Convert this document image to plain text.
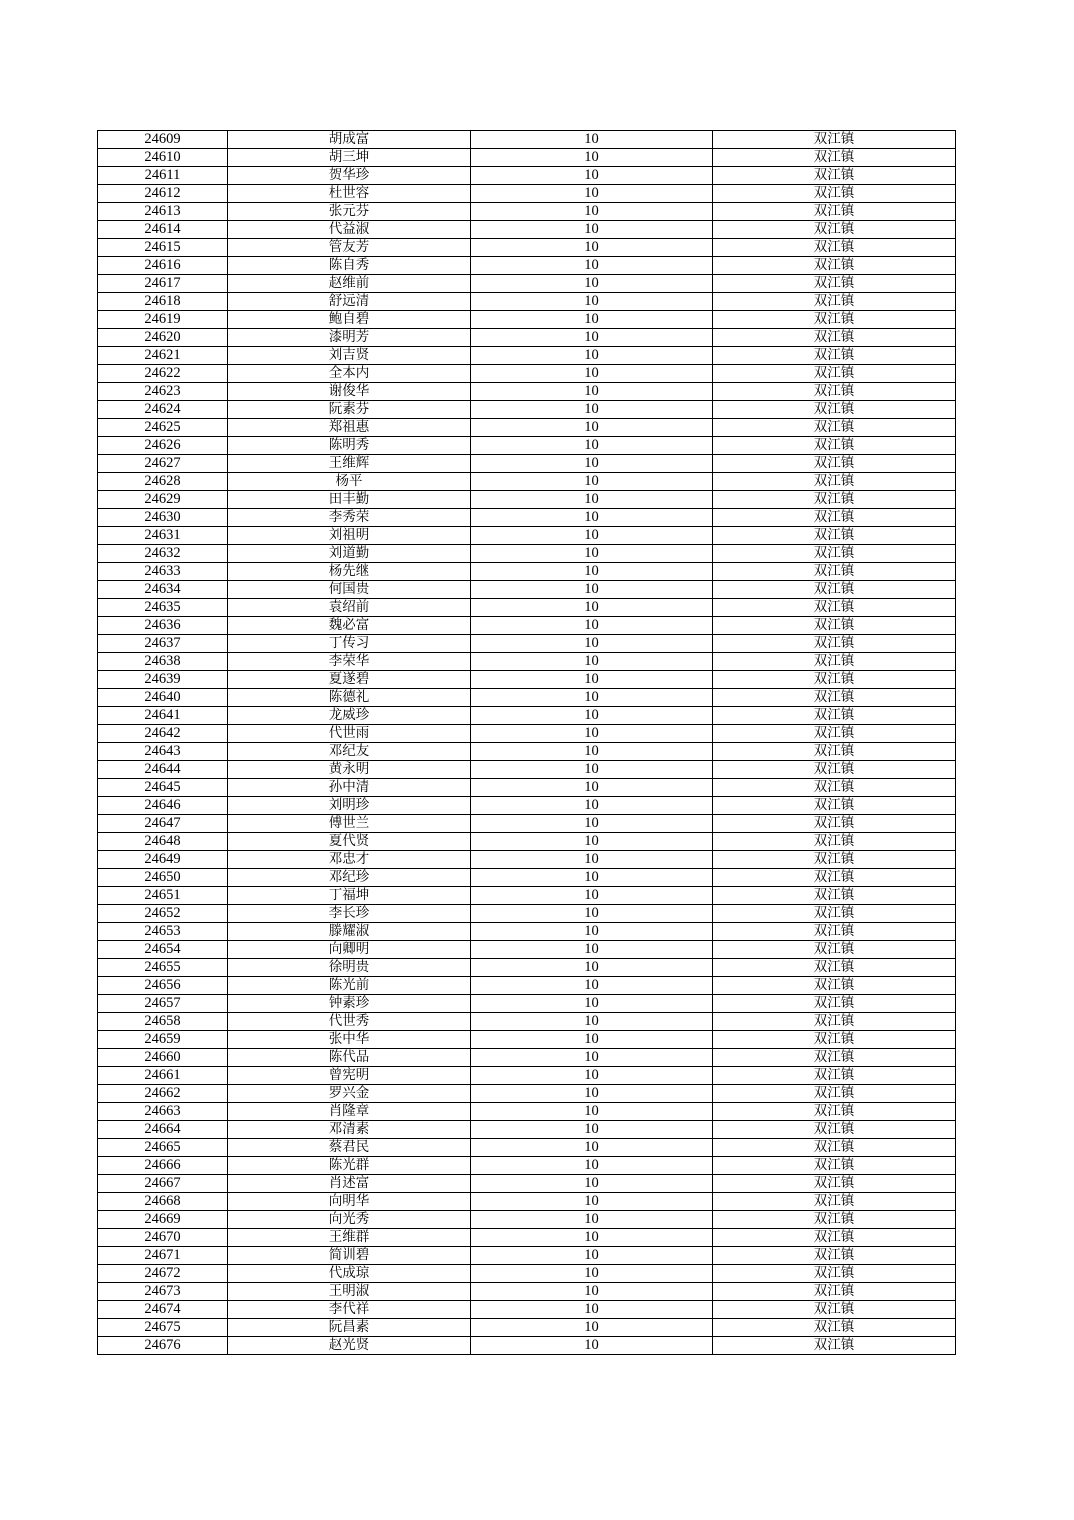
24609	胡成富	10	双江镇
24610	胡三坤	10	双江镇
24611	贺华珍	10	双江镇
24612	杜世容	10	双江镇
24613	张元芬	10	双江镇
24614	代益淑	10	双江镇
24615	管友芳	10	双江镇
24616	陈自秀	10	双江镇
24617	赵维前	10	双江镇
24618	舒远清	10	双江镇
24619	鲍自碧	10	双江镇
24620	漆明芳	10	双江镇
24621	刘吉贤	10	双江镇
24622	全本内	10	双江镇
24623	谢俊华	10	双江镇
24624	阮素芬	10	双江镇
24625	郑祖惠	10	双江镇
24626	陈明秀	10	双江镇
24627	王维辉	10	双江镇
24628	杨平	10	双江镇
24629	田丰勤	10	双江镇
24630	李秀荣	10	双江镇
24631	刘祖明	10	双江镇
24632	刘道勤	10	双江镇
24633	杨先继	10	双江镇
24634	何国贵	10	双江镇
24635	袁绍前	10	双江镇
24636	魏必富	10	双江镇
24637	丁传习	10	双江镇
24638	李荣华	10	双江镇
24639	夏遂碧	10	双江镇
24640	陈德礼	10	双江镇
24641	龙威珍	10	双江镇
24642	代世雨	10	双江镇
24643	邓纪友	10	双江镇
24644	黄永明	10	双江镇
24645	孙中清	10	双江镇
24646	刘明珍	10	双江镇
24647	傅世兰	10	双江镇
24648	夏代贤	10	双江镇
24649	邓忠才	10	双江镇
24650	邓纪珍	10	双江镇
24651	丁福坤	10	双江镇
24652	李长珍	10	双江镇
24653	滕耀淑	10	双江镇
24654	向卿明	10	双江镇
24655	徐明贵	10	双江镇
24656	陈光前	10	双江镇
24657	钟素珍	10	双江镇
24658	代世秀	10	双江镇
24659	张中华	10	双江镇
24660	陈代品	10	双江镇
24661	曾宪明	10	双江镇
24662	罗兴金	10	双江镇
24663	肖隆章	10	双江镇
24664	邓清素	10	双江镇
24665	蔡君民	10	双江镇
24666	陈光群	10	双江镇
24667	肖述富	10	双江镇
24668	向明华	10	双江镇
24669	向光秀	10	双江镇
24670	王维群	10	双江镇
24671	简训碧	10	双江镇
24672	代成琼	10	双江镇
24673	王明淑	10	双江镇
24674	李代祥	10	双江镇
24675	阮昌素	10	双江镇
24676	赵光贤	10	双江镇
